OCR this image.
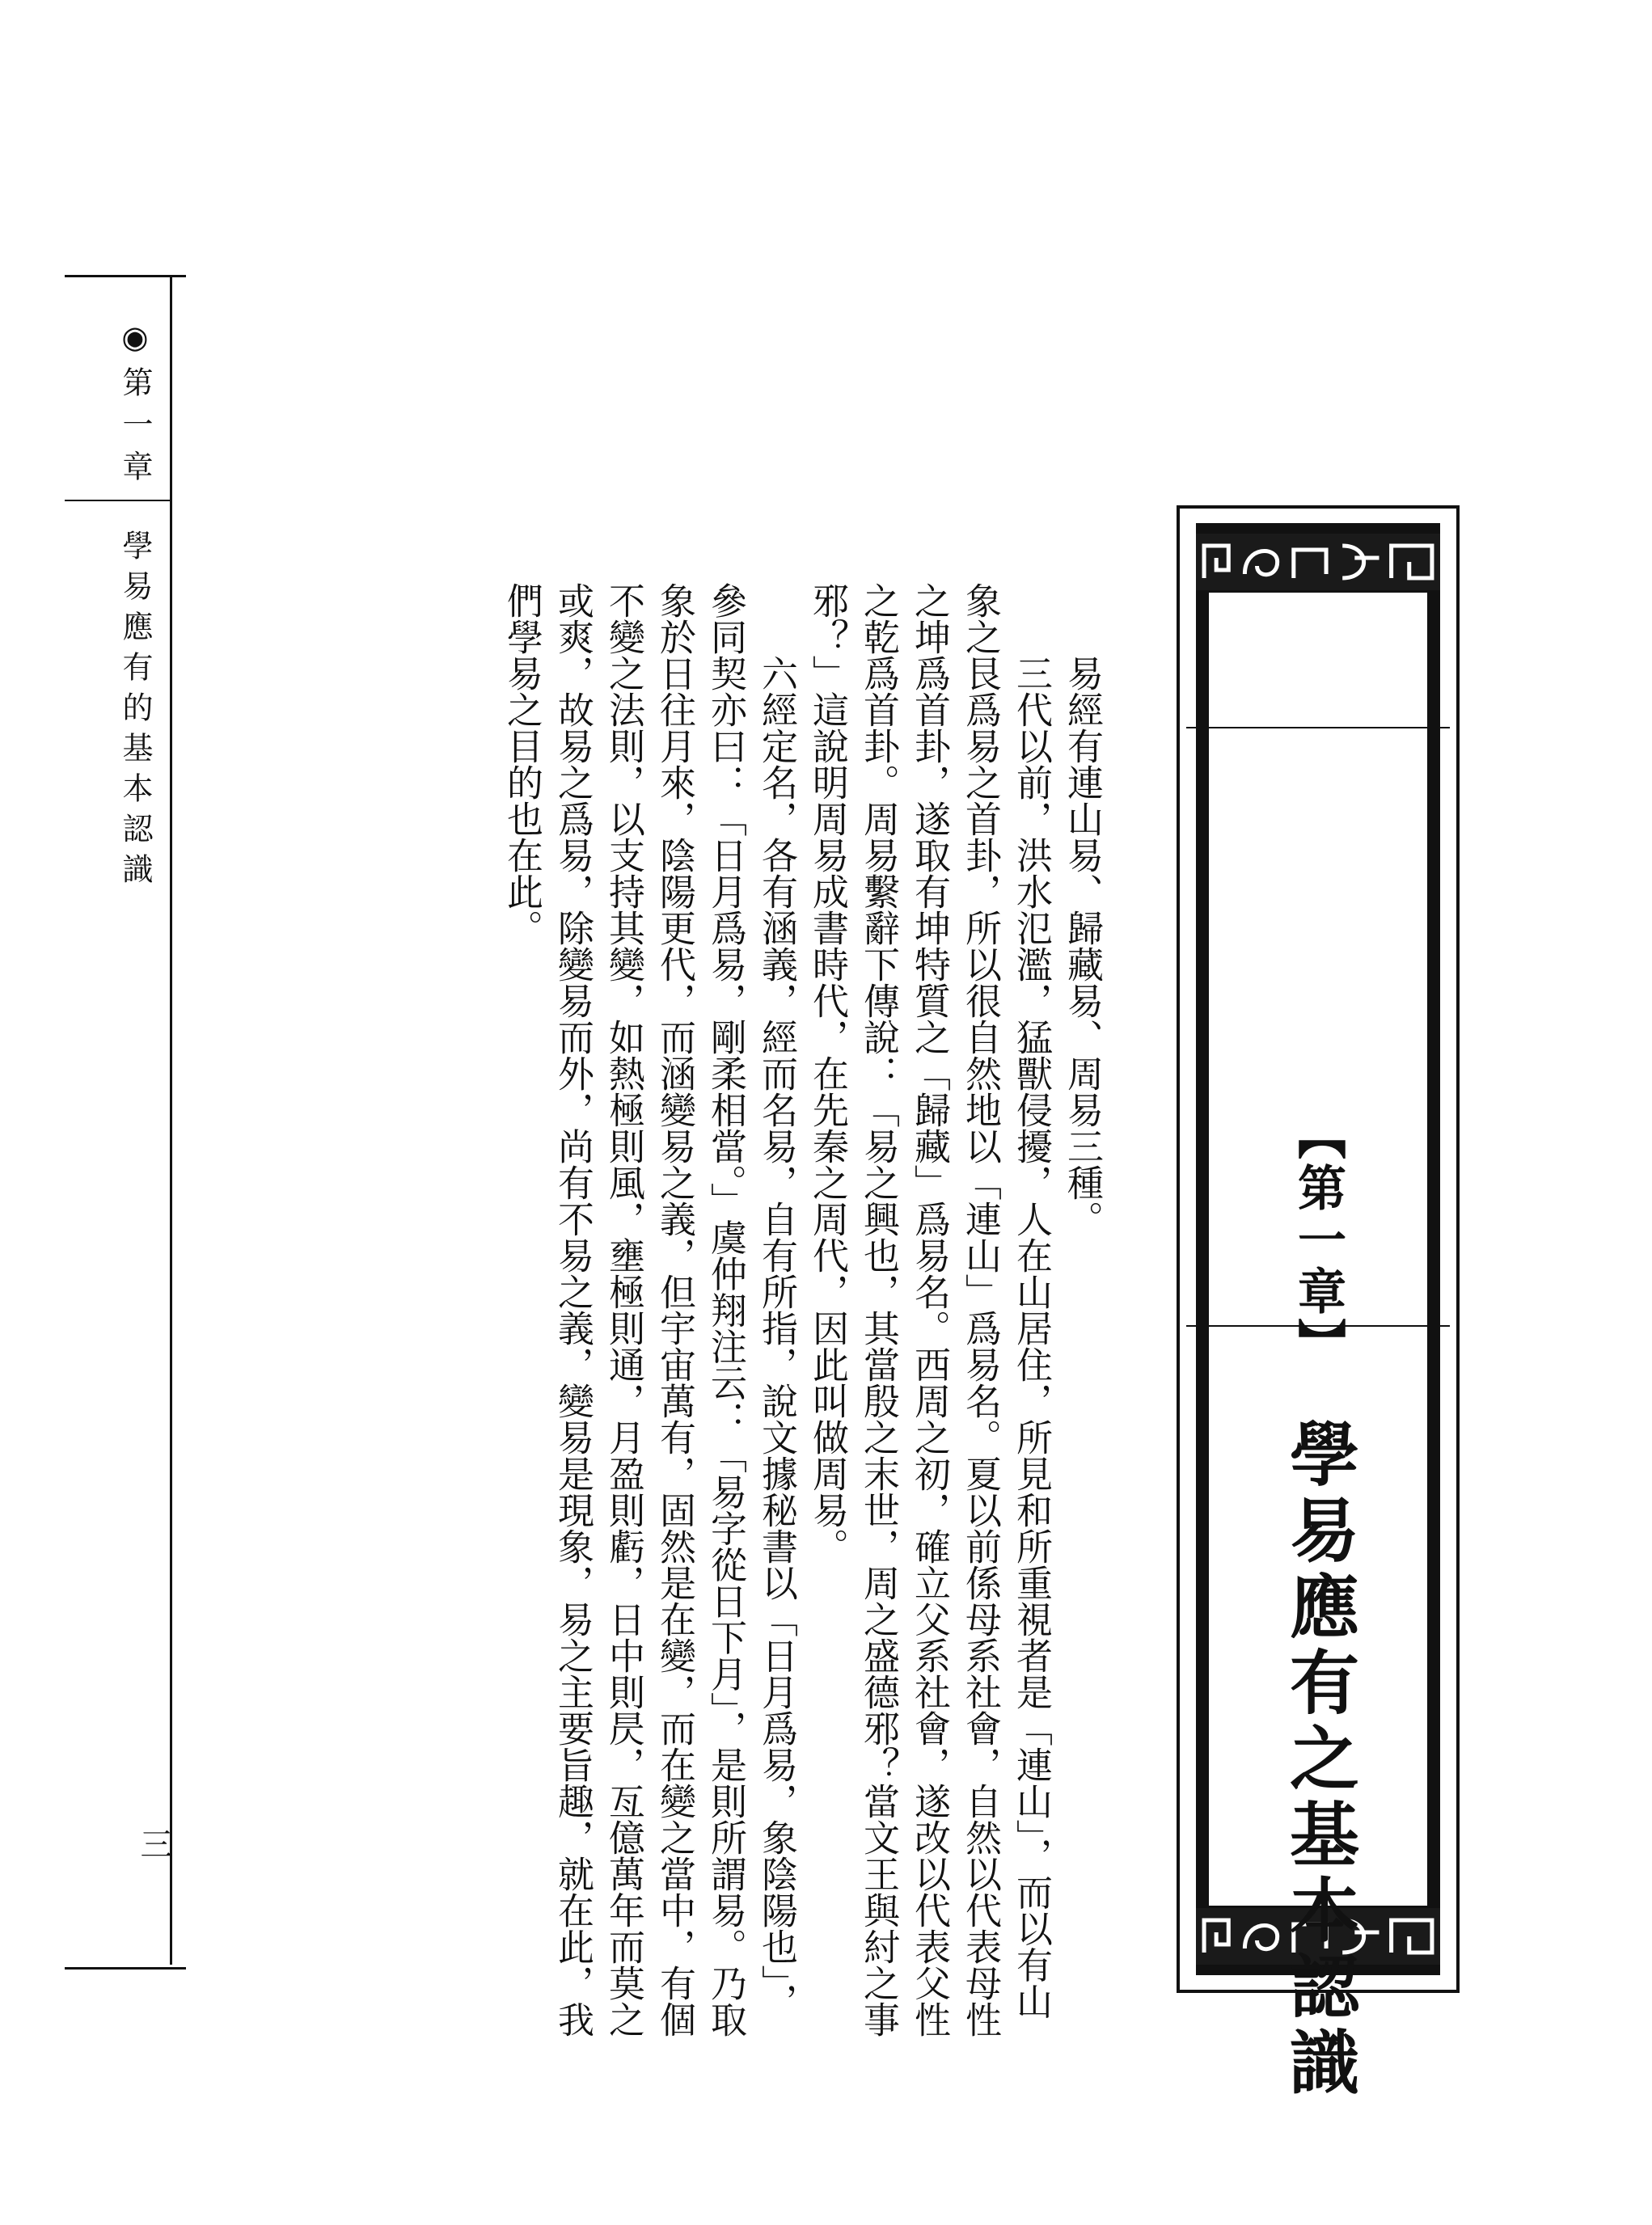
◉第一章
學易應有的基本認識
三

易經有連山易、歸藏易、周易三種。

三代以前，洪水氾濫，猛獸侵擾，人在山居住，所見和所重視者是「連山」，而以有山象之艮爲易之首卦，所以很自然地以「連山」爲易名。夏以前係母系社會，自然以代表母性之坤爲首卦，遂取有坤特質之「歸藏」爲易名。西周之初，確立父系社會，遂改以代表父性之乾爲首卦。周易繫辭下傳說：「易之興也，其當殷之末世，周之盛德邪？當文王與紂之事邪？」這說明周易成書時代，在先秦之周代，因此叫做周易。

六經定名，各有涵義，經而名易，自有所指，說文據秘書以「日月爲易，象陰陽也」，參同契亦曰：「日月爲易，剛柔相當。」虞仲翔注云：「易字從日下月」，是則所謂易。乃取象於日往月來，陰陽更代，而涵變易之義，但宇宙萬有，固然是在變，而在變之當中，有個不變之法則，以支持其變，如熱極則風，壅極則通，月盈則虧，日中則昃，亙億萬年而莫之或爽，故易之爲易，除變易而外，尚有不易之義，變易是現象，易之主要旨趣，就在此，我們學易之目的也在此。

【第一章】
學易應有之基本認識
